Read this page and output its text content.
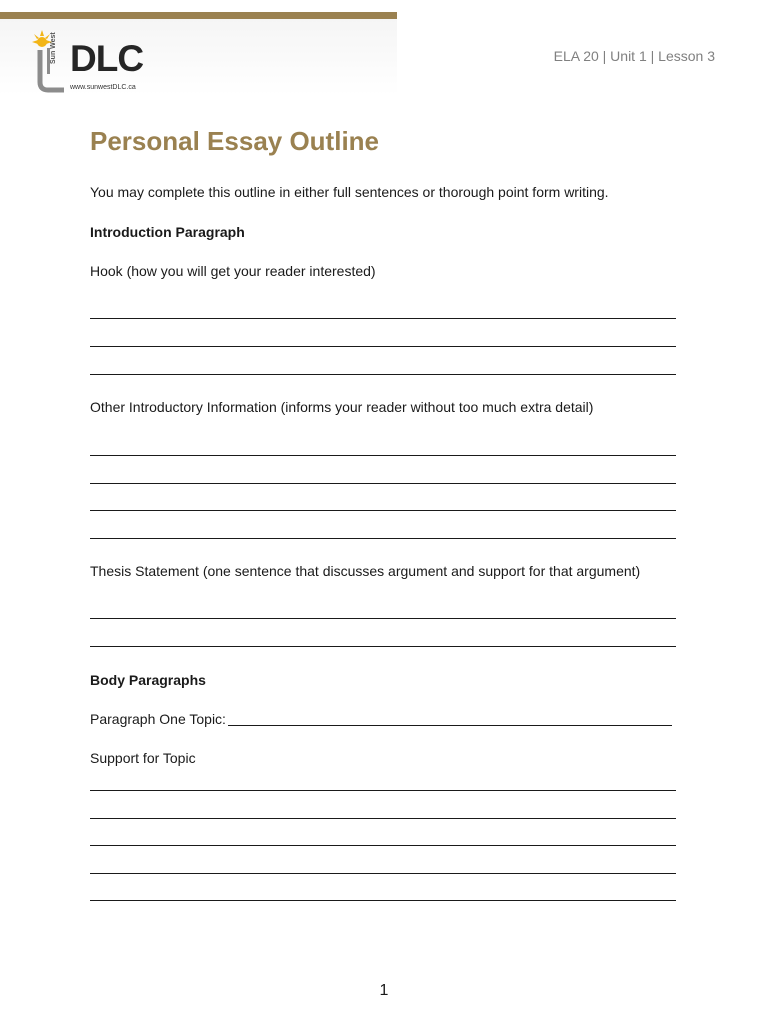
Sun West DLC
www.sunwestDLC.ca
ELA 20 | Unit 1 | Lesson 3
Personal Essay Outline
You may complete this outline in either full sentences or thorough point form writing.
Introduction Paragraph
Hook (how you will get your reader interested)
Other Introductory Information (informs your reader without too much extra detail)
Thesis Statement (one sentence that discusses argument and support for that argument)
Body Paragraphs
Paragraph One Topic:
Support for Topic
1
